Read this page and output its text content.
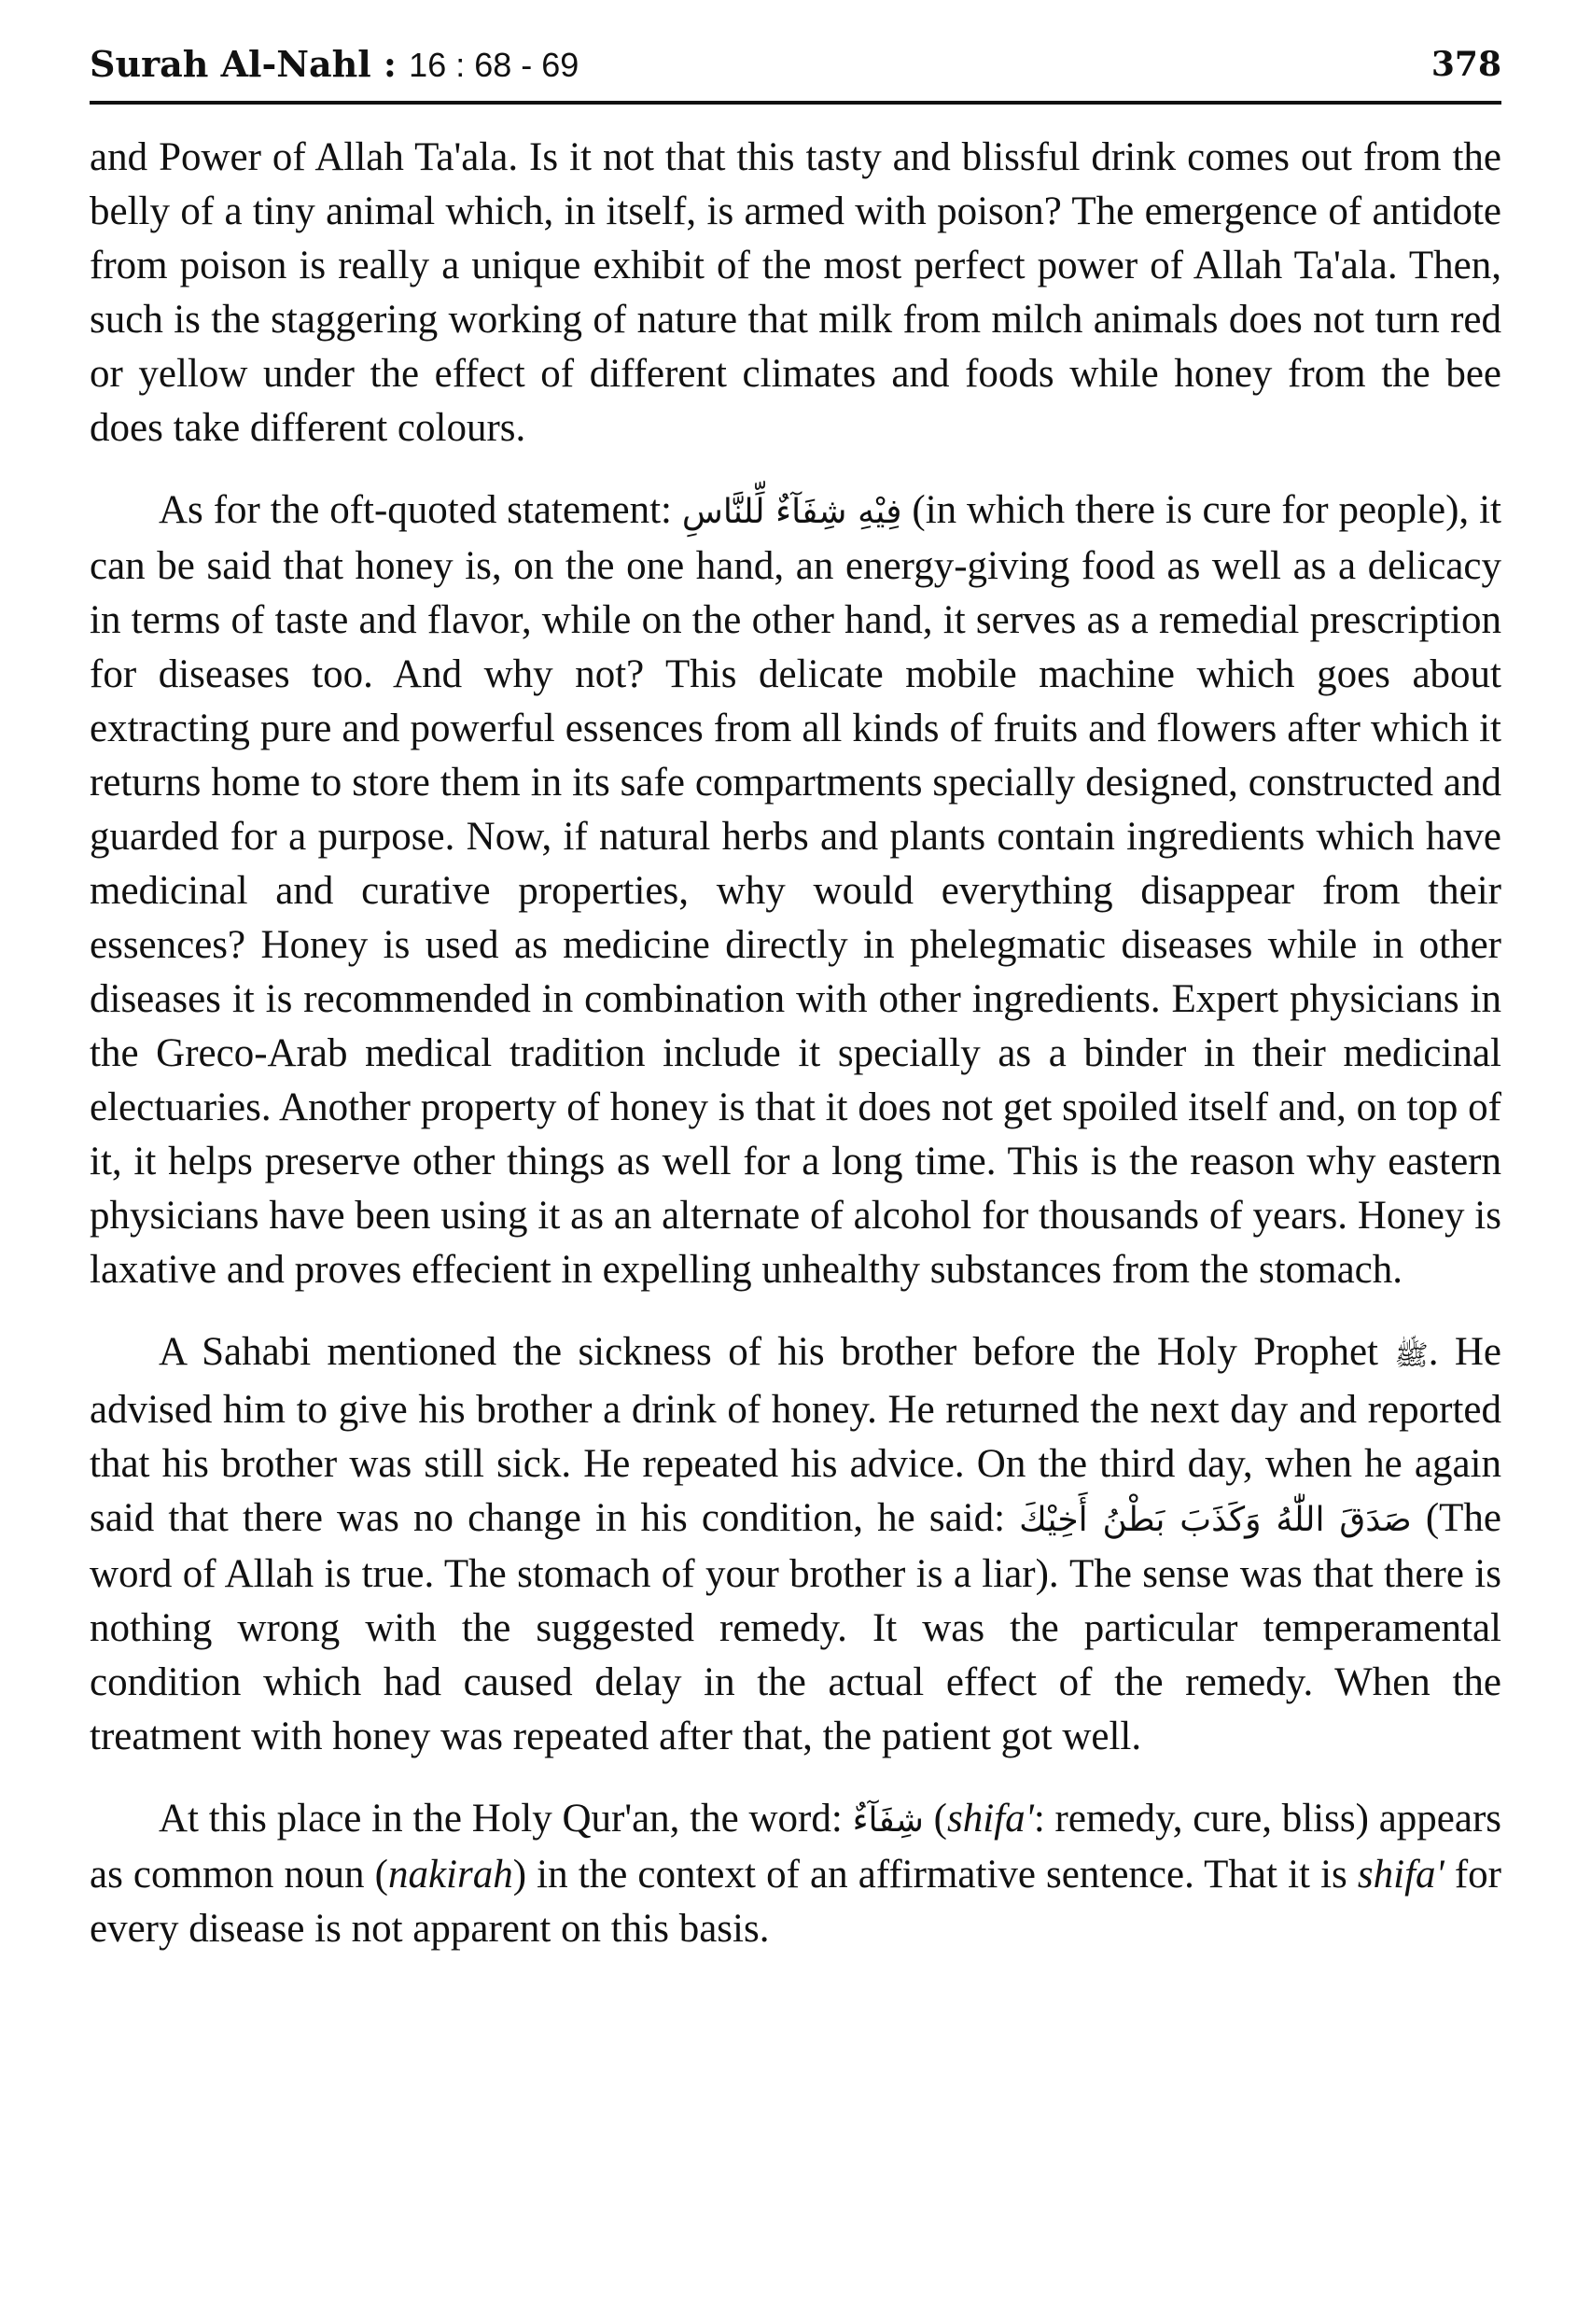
Surah Al-Nahl : 16 : 68 - 69	378

and Power of Allah Ta'ala. Is it not that this tasty and blissful drink comes out from the belly of a tiny animal which, in itself, is armed with poison? The emergence of antidote from poison is really a unique exhibit of the most perfect power of Allah Ta'ala. Then, such is the staggering working of nature that milk from milch animals does not turn red or yellow under the effect of different climates and foods while honey from the bee does take different colours.

As for the oft-quoted statement: فِيْهِ شِفَآءٌ لِّلنَّاسِ (in which there is cure for people), it can be said that honey is, on the one hand, an energy-giving food as well as a delicacy in terms of taste and flavor, while on the other hand, it serves as a remedial prescription for diseases too. And why not? This delicate mobile machine which goes about extracting pure and powerful essences from all kinds of fruits and flowers after which it returns home to store them in its safe compartments specially designed, constructed and guarded for a purpose. Now, if natural herbs and plants contain ingredients which have medicinal and curative properties, why would everything disappear from their essences? Honey is used as medicine directly in phelegmatic diseases while in other diseases it is recommended in combination with other ingredients. Expert physicians in the Greco-Arab medical tradition include it specially as a binder in their medicinal electuaries. Another property of honey is that it does not get spoiled itself and, on top of it, it helps preserve other things as well for a long time. This is the reason why eastern physicians have been using it as an alternate of alcohol for thousands of years. Honey is laxative and proves effecient in expelling unhealthy substances from the stomach.

A Sahabi mentioned the sickness of his brother before the Holy Prophet ﷺ. He advised him to give his brother a drink of honey. He returned the next day and reported that his brother was still sick. He repeated his advice. On the third day, when he again said that there was no change in his condition, he said: صَدَقَ اللّٰهُ وَكَذَبَ بَطْنُ أَخِيْكَ (The word of Allah is true. The stomach of your brother is a liar). The sense was that there is nothing wrong with the suggested remedy. It was the particular temperamental condition which had caused delay in the actual effect of the remedy. When the treatment with honey was repeated after that, the patient got well.

At this place in the Holy Qur'an, the word: شِفَآءٌ (shifa': remedy, cure, bliss) appears as common noun (nakirah) in the context of an affirmative sentence. That it is shifa' for every disease is not apparent on this basis.
